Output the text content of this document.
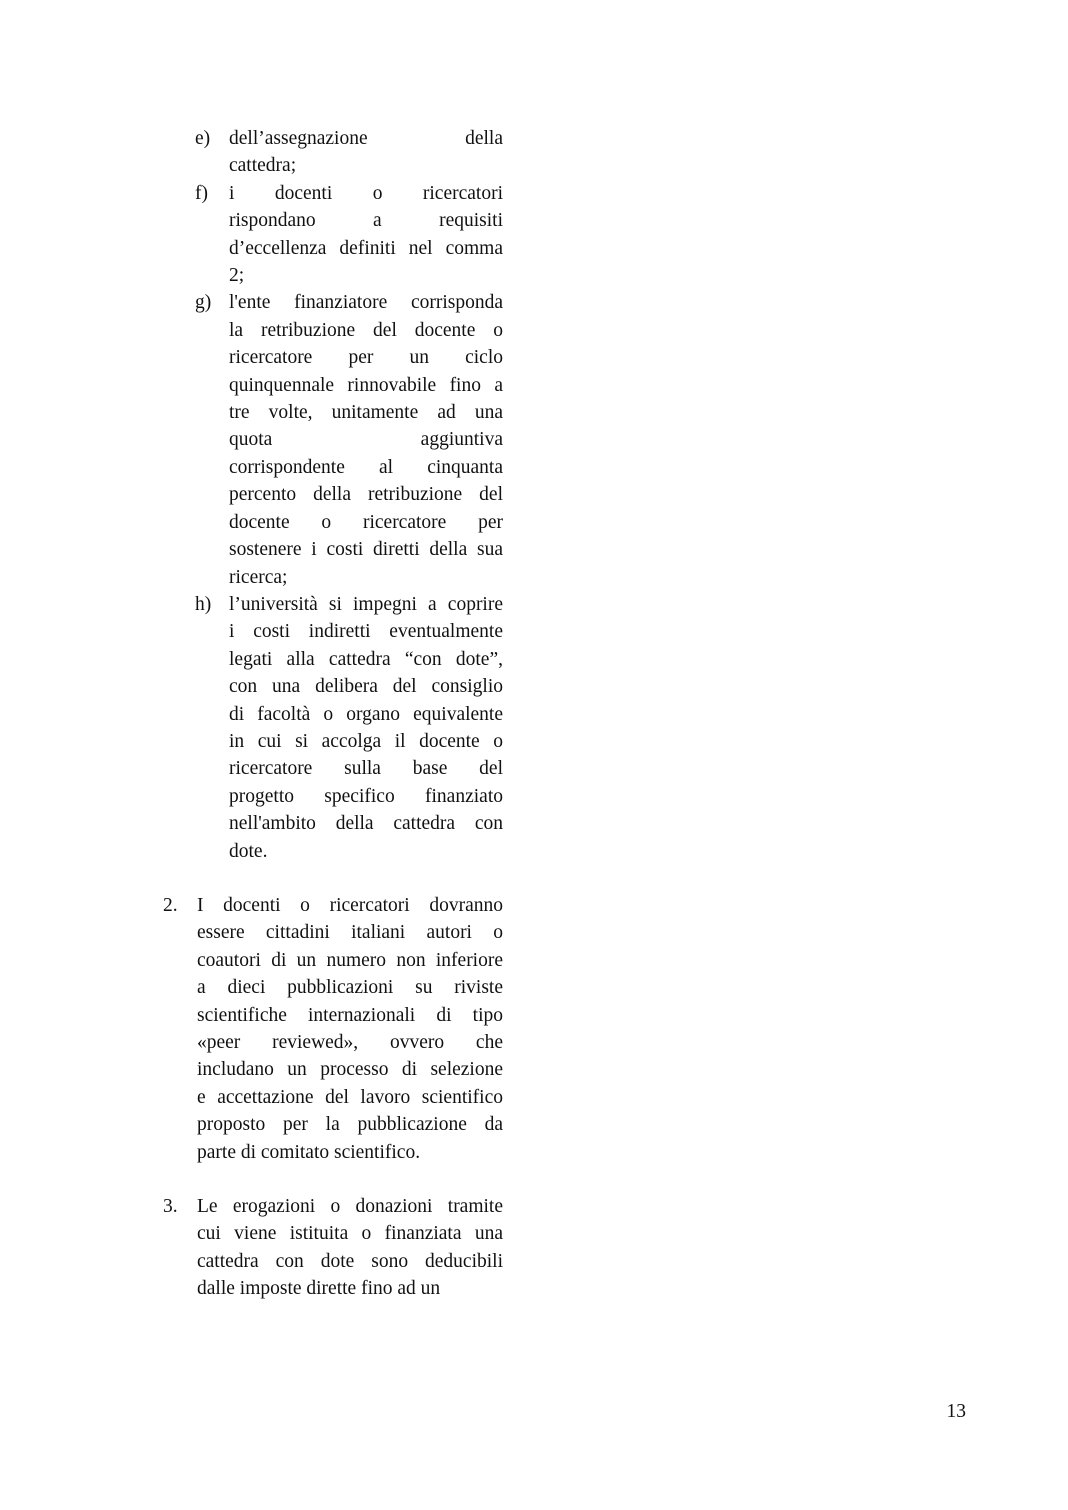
e) dell’assegnazione della
cattedra;
f) i docenti o ricercatori
rispondano a requisiti
d’eccellenza definiti nel comma
2;
g) l'ente finanziatore corrisponda
la retribuzione del docente o
ricercatore per un ciclo
quinquennale rinnovabile fino a
tre volte, unitamente ad una
quota aggiuntiva
corrispondente al cinquanta
percento della retribuzione del
docente o ricercatore per
sostenere i costi diretti della sua
ricerca;
h) l’università si impegni a coprire
i costi indiretti eventualmente
legati alla cattedra “con dote”,
con una delibera del consiglio
di facoltà o organo equivalente
in cui si accolga il docente o
ricercatore sulla base del
progetto specifico finanziato
nell'ambito della cattedra con
dote.
2. I docenti o ricercatori dovranno
essere cittadini italiani autori o
coautori di un numero non inferiore
a dieci pubblicazioni su riviste
scientifiche internazionali di tipo
«peer reviewed», ovvero che
includano un processo di selezione
e accettazione del lavoro scientifico
proposto per la pubblicazione da
parte di comitato scientifico.
3. Le erogazioni o donazioni tramite
cui viene istituita o finanziata una
cattedra con dote sono deducibili
dalle imposte dirette fino ad un
13
